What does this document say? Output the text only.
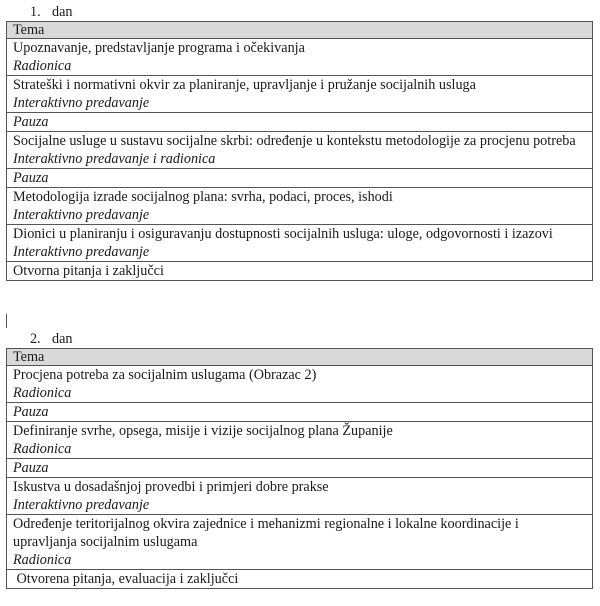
1. dan
Tema

Upoznavanje, predstavljanje programa i očekivanja
Radionica

Strateški i normativni okvir za planiranje, upravljanje i pružanje socijalnih usluga
Interaktivno predavanje

Pauza

Socijalne usluge u sustavu socijalne skrbi: određenje u kontekstu metodologije za procjenu potreba
Interaktivno predavanje i radionica

Pauza

Metodologija izrade socijalnog plana: svrha, podaci, proces, ishodi
Interaktivno predavanje

Dionici u planiranju i osiguravanju dostupnosti socijalnih usluga: uloge, odgovornosti i izazovi
Interaktivno predavanje

Otvorna pitanja i zaključci
2. dan
Tema

Procjena potreba za socijalnim uslugama (Obrazac 2)
Radionica

Pauza

Definiranje svrhe, opsega, misije i vizije socijalnog plana Županije
Radionica

Pauza

Iskustva u dosadašnjoj provedbi i primjeri dobre prakse
Interaktivno predavanje

Određenje teritorijalnog okvira zajednice i mehanizmi regionalne i lokalne koordinacije i upravljanja socijalnim uslugama
Radionica

Otvorena pitanja, evaluacija i zaključci
